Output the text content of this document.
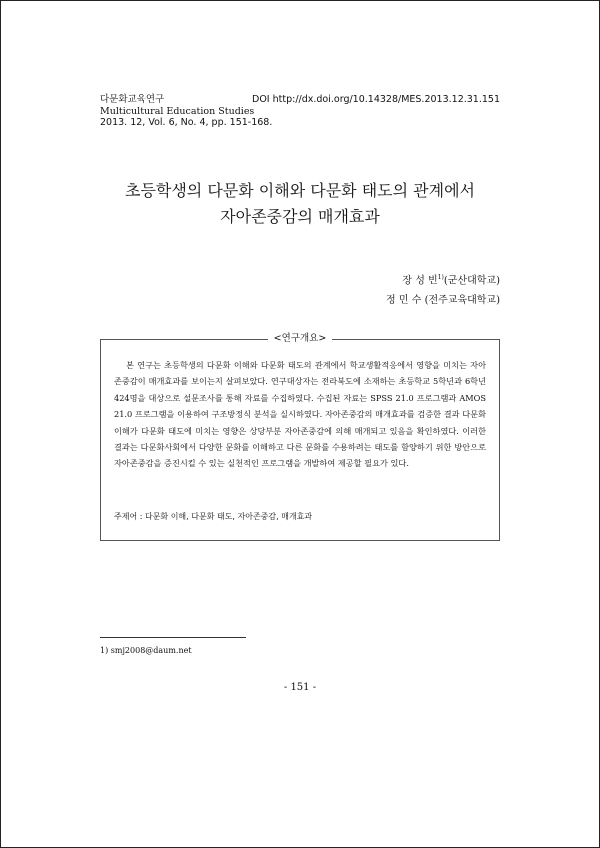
다문화교육연구	DOI http://dx.doi.org/10.14328/MES.2013.12.31.151
Multicultural Education Studies
2013. 12, Vol. 6, No. 4, pp. 151-168.
초등학생의 다문화 이해와 다문화 태도의 관계에서
자아존중감의 매개효과
장 성 빈$^{1)}$(군산대학교)
정 민 수 (전주교육대학교)
<연구개요>
본 연구는 초등학생의 다문화 이해와 다문화 태도의 관계에서 학교생활적응에서 영향을 미치는 자아존중감이 매개효과를 보이는지 살펴보았다. 연구대상자는 전라북도에 소재하는 초등학교 5학년과 6학년 424명을 대상으로 설문조사를 통해 자료를 수집하였다. 수집된 자료는 SPSS 21.0 프로그램과 AMOS 21.0 프로그램을 이용하여 구조방정식 분석을 실시하였다. 자아존중감의 매개효과를 검증한 결과 다문화 이해가 다문화 태도에 미치는 영향은 상당부분 자아존중감에 의해 매개되고 있음을 확인하였다. 이러한 결과는 다문화사회에서 다양한 문화를 이해하고 다른 문화를 수용하려는 태도를 함양하기 위한 방안으로 자아존중감을 증진시킬 수 있는 실천적인 프로그램을 개발하여 제공할 필요가 있다.
주제어 : 다문화 이해, 다문화 태도, 자아존중감, 매개효과
1) smj2008@daum.net
- 151 -
